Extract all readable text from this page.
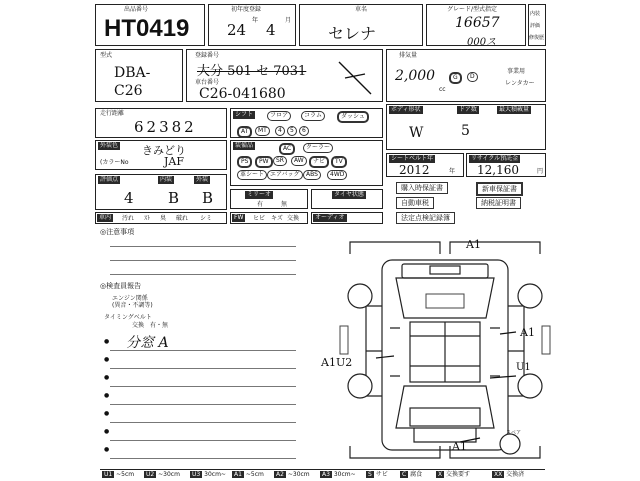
出品番号
HT0419
初年度登録
24
年
4
月
車名
セレナ
グレード/型式指定
16657
000ス
内装
評価
修復歴
型式
DBA-C26
登録番号
大分 501 セ 7031
車台番号
C26-041680
排気量
2,000
cc
G	D
事業用
レンタカー
走行距離
62382
シフト	フロア	コラム	ダッシュ
AT	MT	4	5	6
ボディ形状
W
ドア数
5
最大積載量
外装色 きみどり
(カラーNo	JAF
装備品	AC	クーラー
PS	PW	SR	AW	ナビ	TV
革シート エアバッグ	ABS	4WD
シートベルト年
2012	年
リサイクル預託金
12,160	円
評価点
4
内装
B
外装
B	ミリーオ
有	無
タイヤ状態
購入時保証書	新車保証書
自動車税	納税証明書
法定点検記録簿
車内	汚れ ｽﾄ 臭 破れ シミ	FW	ヒビ キズ 交換	オーディオ
◎注意事項
◎検査員報告
エンジン関係
(異音・不調等)
タイミングベルト
交換　有・無
分窓 A
●
●
●
●
●
●
●
A1
A1
A1U2	U1
A1
スペア
U1 ~5cm	U2 ~30cm	U3 30cm~	A1 ~5cm	A2 ~30cm	A3 30cm~	S サビ	C 腐食	X 交換要す	XX 交換済
